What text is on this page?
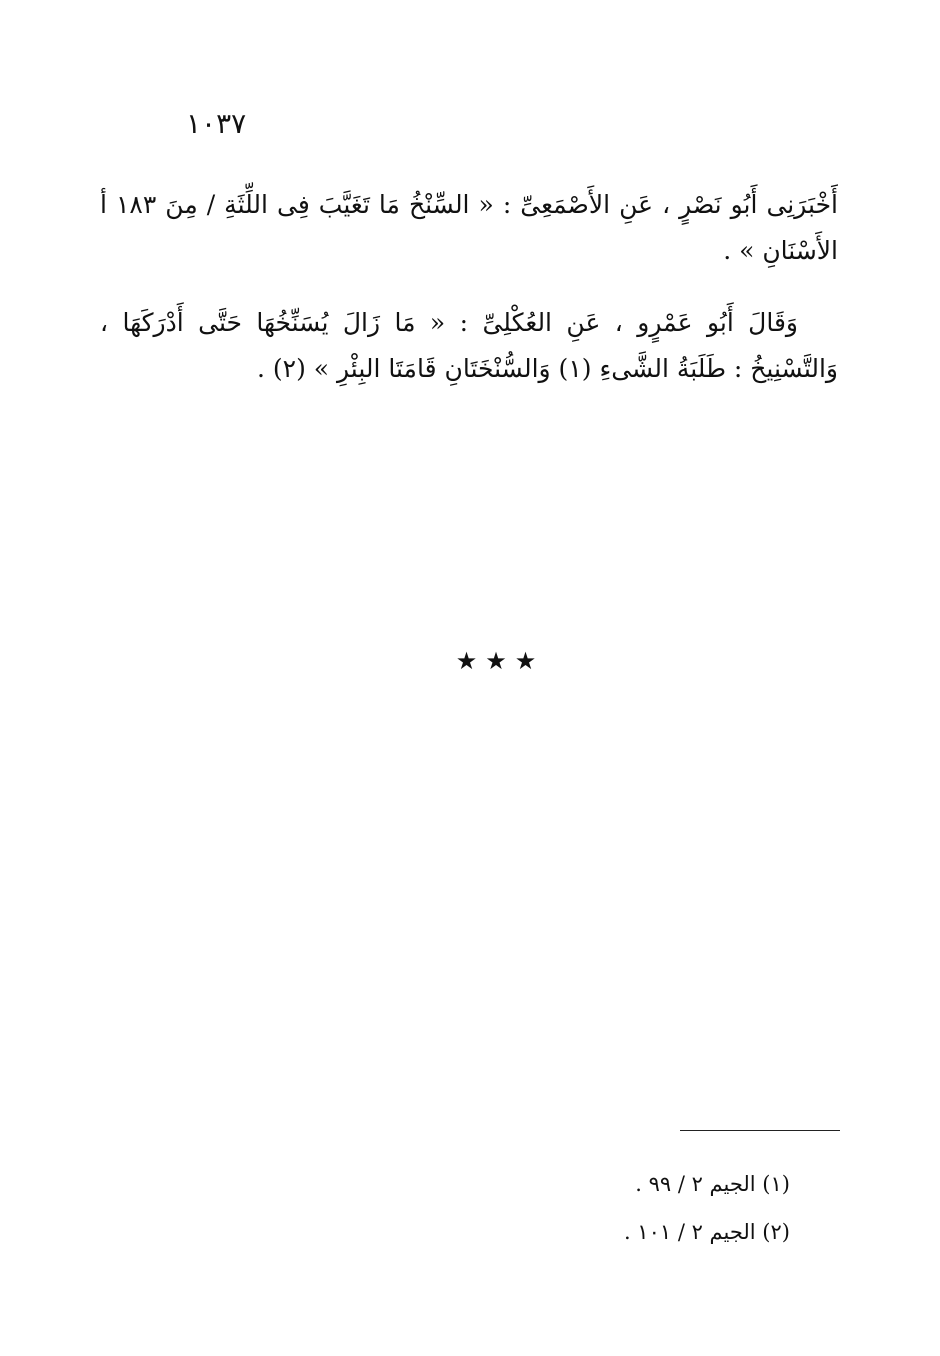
١٠٣٧
أَخْبَرَنِى أَبُو نَصْرٍ ، عَنِ الأَصْمَعِىِّ : « السِّنْخُ مَا تَغَيَّبَ فِى اللِّثَةِ / مِنَ ١٨٣ أ
الأَسْنَانِ » .
وَقَالَ أَبُو عَمْرٍو ، عَنِ العُكْلِىِّ : « مَا زَالَ يُسَنِّخُهَا حَتَّى أَدْرَكَهَا ،
وَالتَّسْنِيخُ : طَلَبَةُ الشَّىءِ (١) وَالسُّنْخَتَانِ قَامَتَا البِئْرِ » (٢) .
★★★
(١) الجيم ٢ / ٩٩ .
(٢) الجيم ٢ / ١٠١ .
